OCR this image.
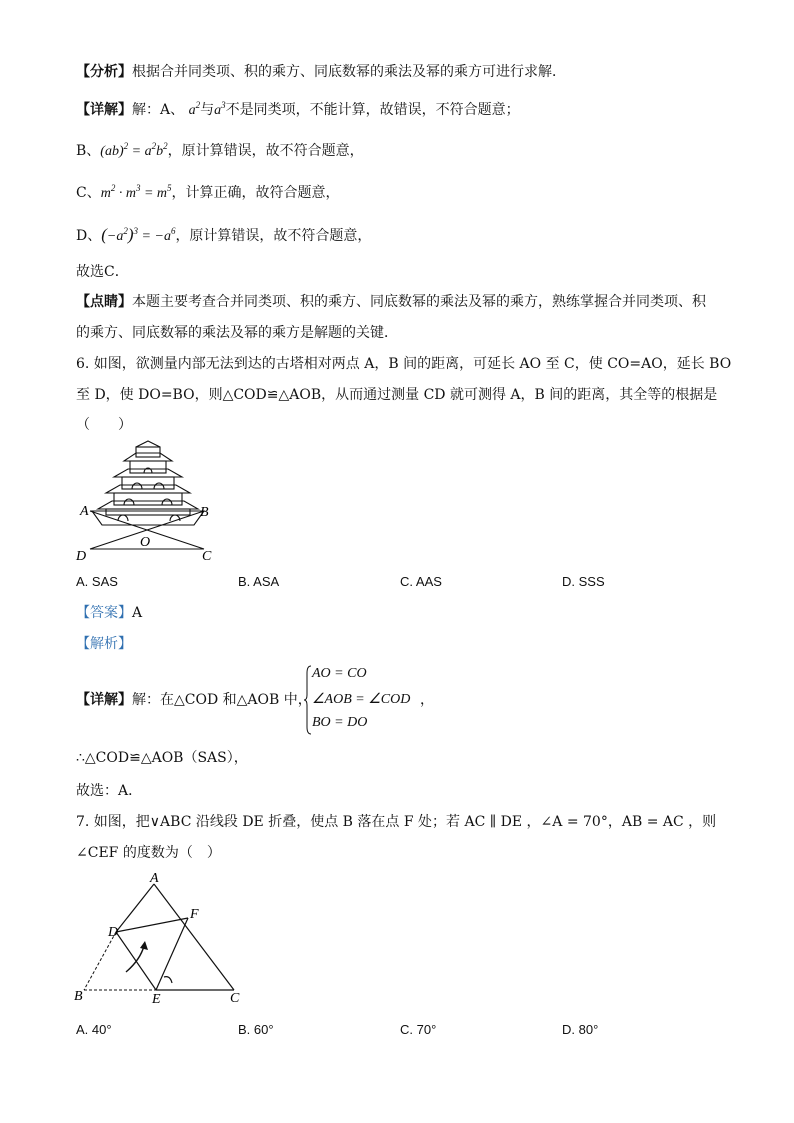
【分析】根据合并同类项、积的乘方、同底数幂的乘法及幂的乘方可进行求解．
【详解】解：A、 $a^2$与$a^3$不是同类项，不能计算，故错误，不符合题意；
B、$(ab)^2 = a^2b^2$，原计算错误，故不符合题意，
C、$m^2 \cdot m^3 = m^5$，计算正确，故符合题意，
D、$(-a^2)^3 = -a^6$，原计算错误，故不符合题意，
故选C．
【点睛】本题主要考查合并同类项、积的乘方、同底数幂的乘法及幂的乘方，熟练掌握合并同类项、积
的乘方、同底数幂的乘法及幂的乘方是解题的关键．
6. 如图，欲测量内部无法到达的古塔相对两点 A，B 间的距离，可延长 AO 至 C，使 CO=AO，延长 BO
至 D，使 DO=BO，则△COD≌△AOB，从而通过测量 CD 就可测得 A，B 间的距离，其全等的根据是
（　　）
A	B
O
D	C
A. SAS	B. ASA	C. AAS	D. SSS
【答案】A
【解析】
【详解】解：在△COD 和△AOB 中，
AO = CO
∠AOB = ∠COD
BO = DO
，
∴△COD≌△AOB（SAS），
故选：A．
7. 如图，把∨ABC 沿线段 DE 折叠，使点 B 落在点 F 处；若 AC ∥ DE ，∠A = 70°，AB = AC ，则
∠CEF 的度数为（　）
A
F
D
B	E	C
A. 40°	B. 60°	C. 70°	D. 80°
